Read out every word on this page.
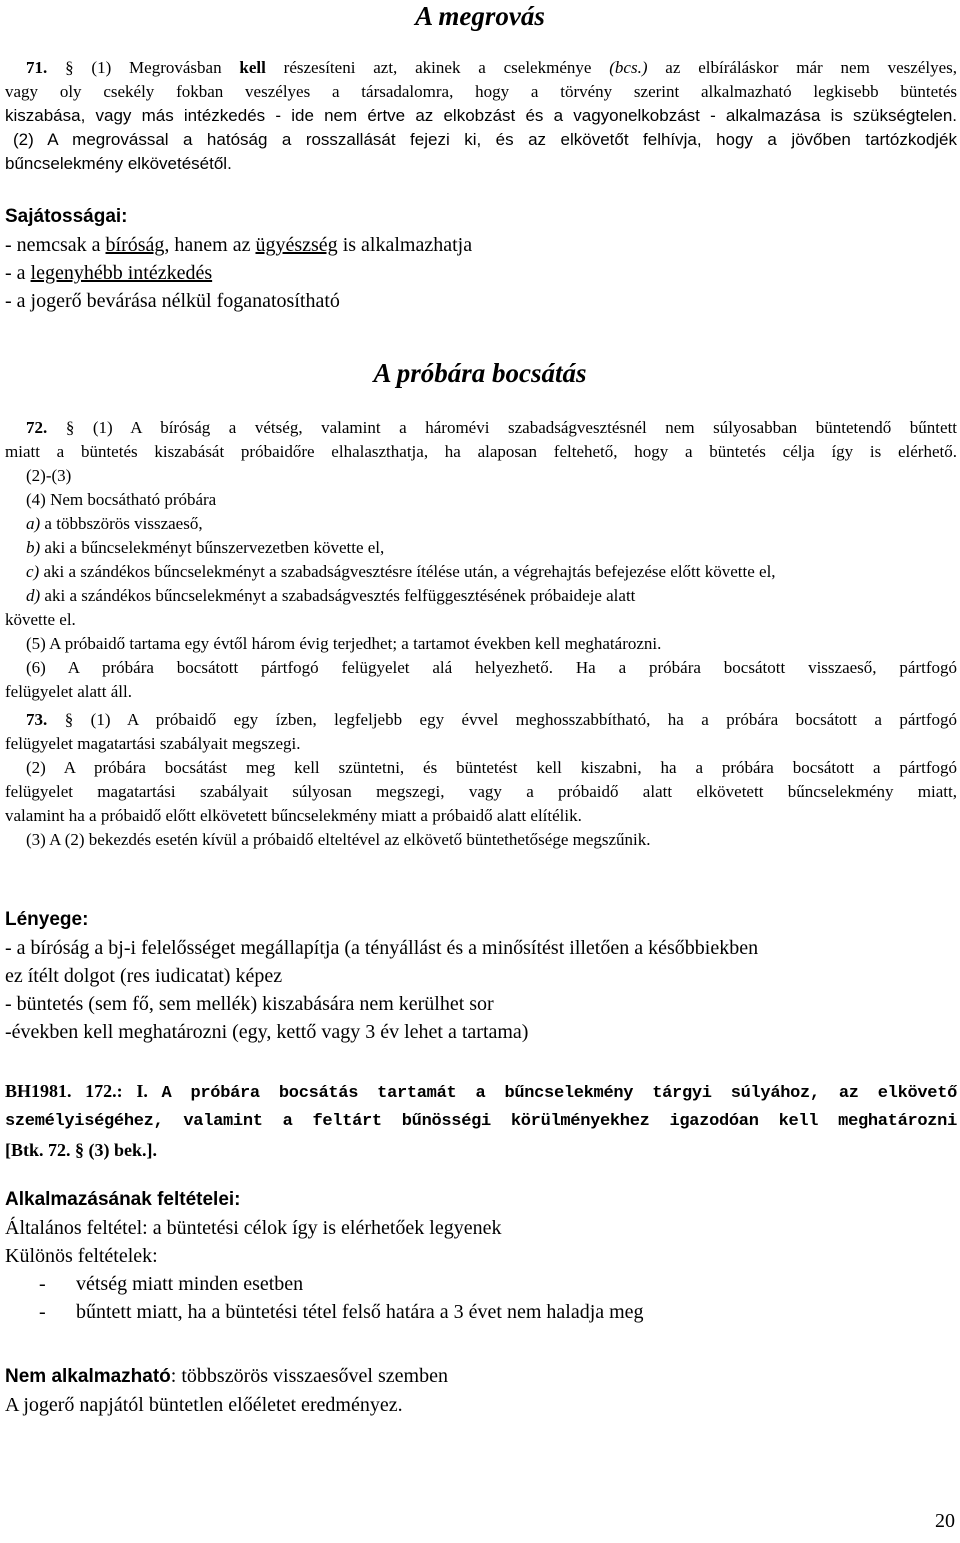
A megrovás
71. § (1) Megrovásban kell részesíteni azt, akinek a cselekménye (bcs.) az elbíráláskor már nem veszélyes,
vagy oly csekély fokban veszélyes a társadalomra, hogy a törvény szerint alkalmazható legkisebb büntetés
kiszabása, vagy más intézkedés - ide nem értve az elkobzást és a vagyonelkobzást - alkalmazása is szükségtelen.
(2) A megrovással a hatóság a rosszallását fejezi ki, és az elkövetőt felhívja, hogy a jövőben tartózkodjék
bűncselekmény elkövetésétől.
Sajátosságai:
- nemcsak a bíróság, hanem az ügyészség is alkalmazhatja
- a legenyhébb intézkedés
- a jogerő bevárása nélkül foganatosítható
A próbára bocsátás
72. § (1) A bíróság a vétség, valamint a háromévi szabadságvesztésnél nem súlyosabban büntetendő bűntett
miatt a büntetés kiszabását próbaidőre elhalaszthatja, ha alaposan feltehető, hogy a büntetés célja így is elérhető.
(2)-(3)
(4) Nem bocsátható próbára
a) a többszörös visszaeső,
b) aki a bűncselekményt bűnszervezetben követte el,
c) aki a szándékos bűncselekményt a szabadságvesztésre ítélése után, a végrehajtás befejezése előtt követte el,
d) aki a szándékos bűncselekményt a szabadságvesztés felfüggesztésének próbaideje alatt
követte el.
(5) A próbaidő tartama egy évtől három évig terjedhet; a tartamot években kell meghatározni.
(6) A próbára bocsátott pártfogó felügyelet alá helyezhető. Ha a próbára bocsátott visszaeső, pártfogó
felügyelet alatt áll.
73. § (1) A próbaidő egy ízben, legfeljebb egy évvel meghosszabbítható, ha a próbára bocsátott a pártfogó
felügyelet magatartási szabályait megszegi.
(2) A próbára bocsátást meg kell szüntetni, és büntetést kell kiszabni, ha a próbára bocsátott a pártfogó
felügyelet magatartási szabályait súlyosan megszegi, vagy a próbaidő alatt elkövetett bűncselekmény miatt,
valamint ha a próbaidő előtt elkövetett bűncselekmény miatt a próbaidő alatt elítélik.
(3) A (2) bekezdés esetén kívül a próbaidő elteltével az elkövető büntethetősége megszűnik.
Lényege:
- a bíróság a bj-i felelősséget megállapítja (a tényállást és a minősítést illetően a későbbiekben
ez ítélt dolgot (res iudicatat) képez
- büntetés (sem fő, sem mellék) kiszabására nem kerülhet sor
-években kell meghatározni (egy, kettő vagy 3 év lehet a tartama)
BH1981. 172.: I. A próbára bocsátás tartamát a bűncselekmény tárgyi súlyához, az elkövető
személyiségéhez, valamint a feltárt bűnösségi körülményekhez igazodóan kell meghatározni
[Btk. 72. § (3) bek.].
Alkalmazásának feltételei:
Általános feltétel: a büntetési célok így is elérhetőek legyenek
Különös feltételek:
- vétség miatt minden esetben
- bűntett miatt, ha a büntetési tétel felső határa a 3 évet nem haladja meg
Nem alkalmazható: többszörös visszaesővel szemben
A jogerő napjától büntetlen előéletet eredményez.
20
